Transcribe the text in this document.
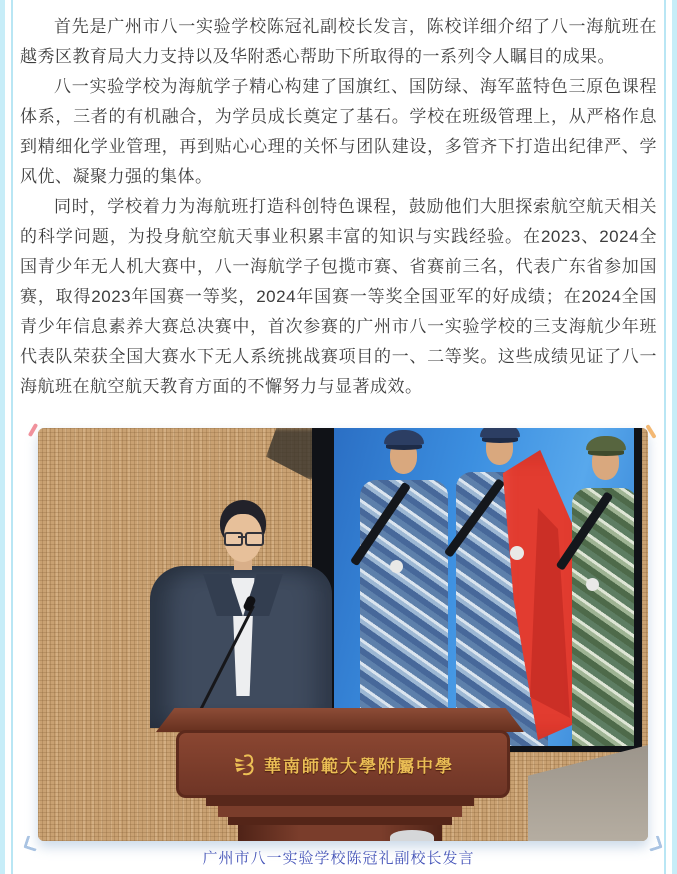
首先是广州市八一实验学校陈冠礼副校长发言，陈校详细介绍了八一海航班在越秀区教育局大力支持以及华附悉心帮助下所取得的一系列令人瞩目的成果。

八一实验学校为海航学子精心构建了国旗红、国防绿、海军蓝特色三原色课程体系，三者的有机融合，为学员成长奠定了基石。学校在班级管理上，从严格作息到精细化学业管理，再到贴心心理的关怀与团队建设，多管齐下打造出纪律严、学风优、凝聚力强的集体。

同时，学校着力为海航班打造科创特色课程，鼓励他们大胆探索航空航天相关的科学问题，为投身航空航天事业积累丰富的知识与实践经验。在2023、2024全国青少年无人机大赛中，八一海航学子包揽市赛、省赛前三名，代表广东省参加国赛，取得2023年国赛一等奖，2024年国赛一等奖全国亚军的好成绩；在2024全国青少年信息素养大赛总决赛中，首次参赛的广州市八一实验学校的三支海航少年班代表队荣获全国大赛水下无人系统挑战赛项目的一、二等奖。这些成绩见证了八一海航班在航空航天教育方面的不懈努力与显著成效。

華南師範大學附屬中學
广州市八一实验学校陈冠礼副校长发言
